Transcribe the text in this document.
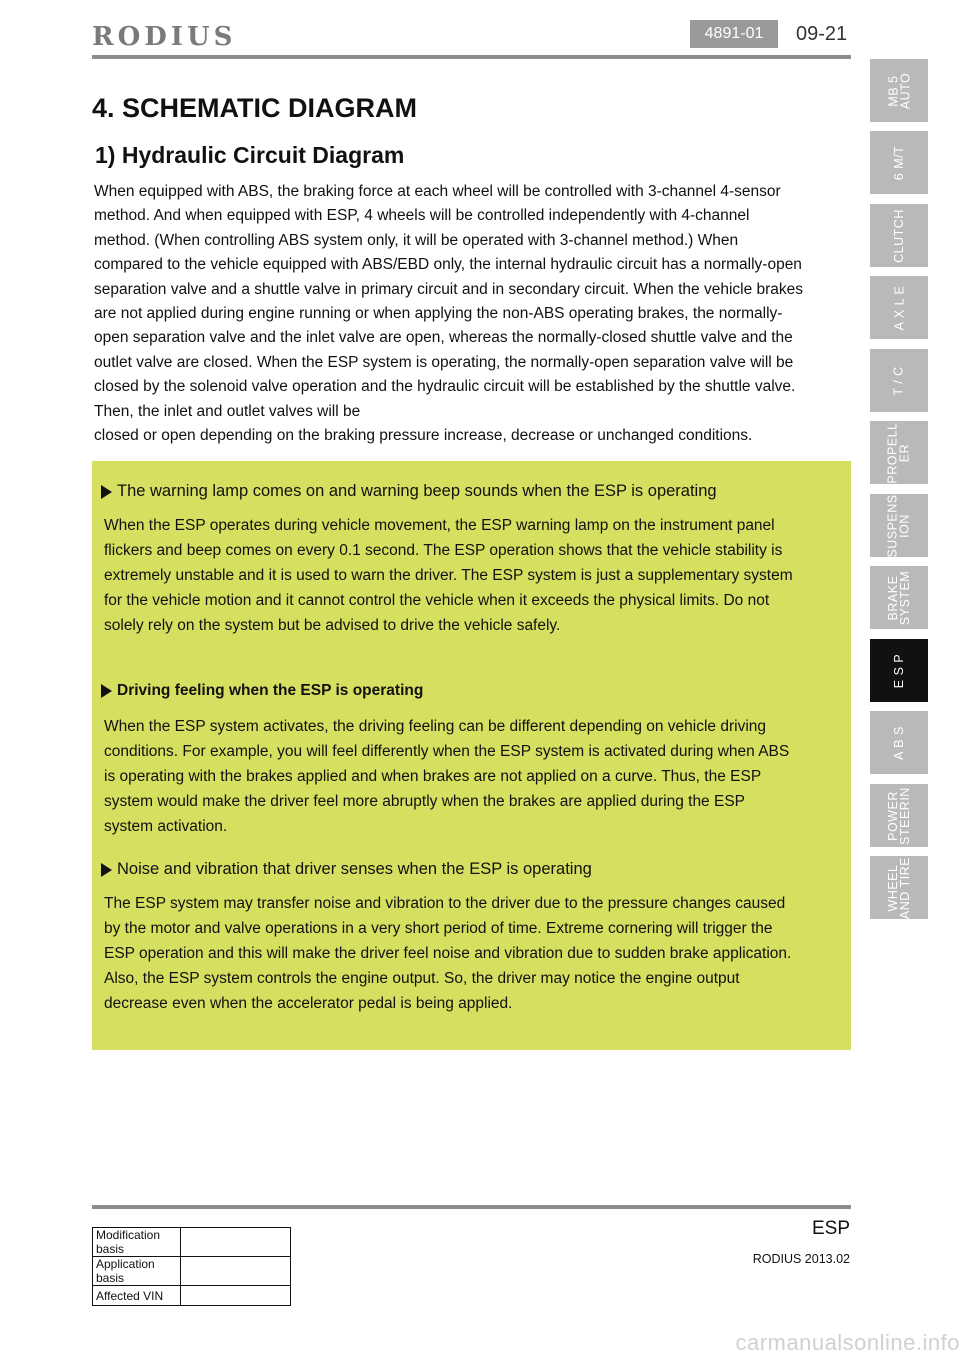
RODIUS	4891-01	09-21
4. SCHEMATIC DIAGRAM
1) Hydraulic Circuit Diagram

When equipped with ABS, the braking force at each wheel will be controlled with 3-channel 4-sensor
method. And when equipped with ESP, 4 wheels will be controlled independently with 4-channel
method. (When controlling ABS system only, it will be operated with 3-channel method.) When
compared to the vehicle equipped with ABS/EBD only, the internal hydraulic circuit has a normally-open
separation valve and a shuttle valve in primary circuit and in secondary circuit. When the vehicle brakes
are not applied during engine running or when applying the non-ABS operating brakes, the normally-
open separation valve and the inlet valve are open, whereas the normally-closed shuttle valve and the
outlet valve are closed. When the ESP system is operating, the normally-open separation valve will be
closed by the solenoid valve operation and the hydraulic circuit will be established by the shuttle valve.
Then, the inlet and outlet valves will be
closed or open depending on the braking pressure increase, decrease or unchanged conditions.

The warning lamp comes on and warning beep sounds when the ESP is operating

When the ESP operates during vehicle movement, the ESP warning lamp on the instrument panel
flickers and beep comes on every 0.1 second. The ESP operation shows that the vehicle stability is
extremely unstable and it is used to warn the driver. The ESP system is just a supplementary system
for the vehicle motion and it cannot control the vehicle when it exceeds the physical limits. Do not
solely rely on the system but be advised to drive the vehicle safely.

Driving feeling when the ESP is operating

When the ESP system activates, the driving feeling can be different depending on vehicle driving
conditions. For example, you will feel differently when the ESP system is activated during when ABS
is operating with the brakes applied and when brakes are not applied on a curve. Thus, the ESP
system would make the driver feel more abruptly when the brakes are applied during the ESP
system activation.

Noise and vibration that driver senses when the ESP is operating

The ESP system may transfer noise and vibration to the driver due to the pressure changes caused
by the motor and valve operations in a very short period of time. Extreme cornering will trigger the
ESP operation and this will make the driver feel noise and vibration due to sudden brake application.
Also, the ESP system controls the engine output. So, the driver may notice the engine output
decrease even when the accelerator pedal is being applied.

MB 5
AUTO
6 M/T
CLUTCH
A X L E
T / C
PROPELL
ER
SUSPENS
ION
BRAKE
SYSTEM
E S P
A B S
POWER
STEERIN
WHEEL
AND TIRE
Modification basis	
Application basis	
Affected VIN	
ESP
RODIUS 2013.02
carmanualsonline.info
